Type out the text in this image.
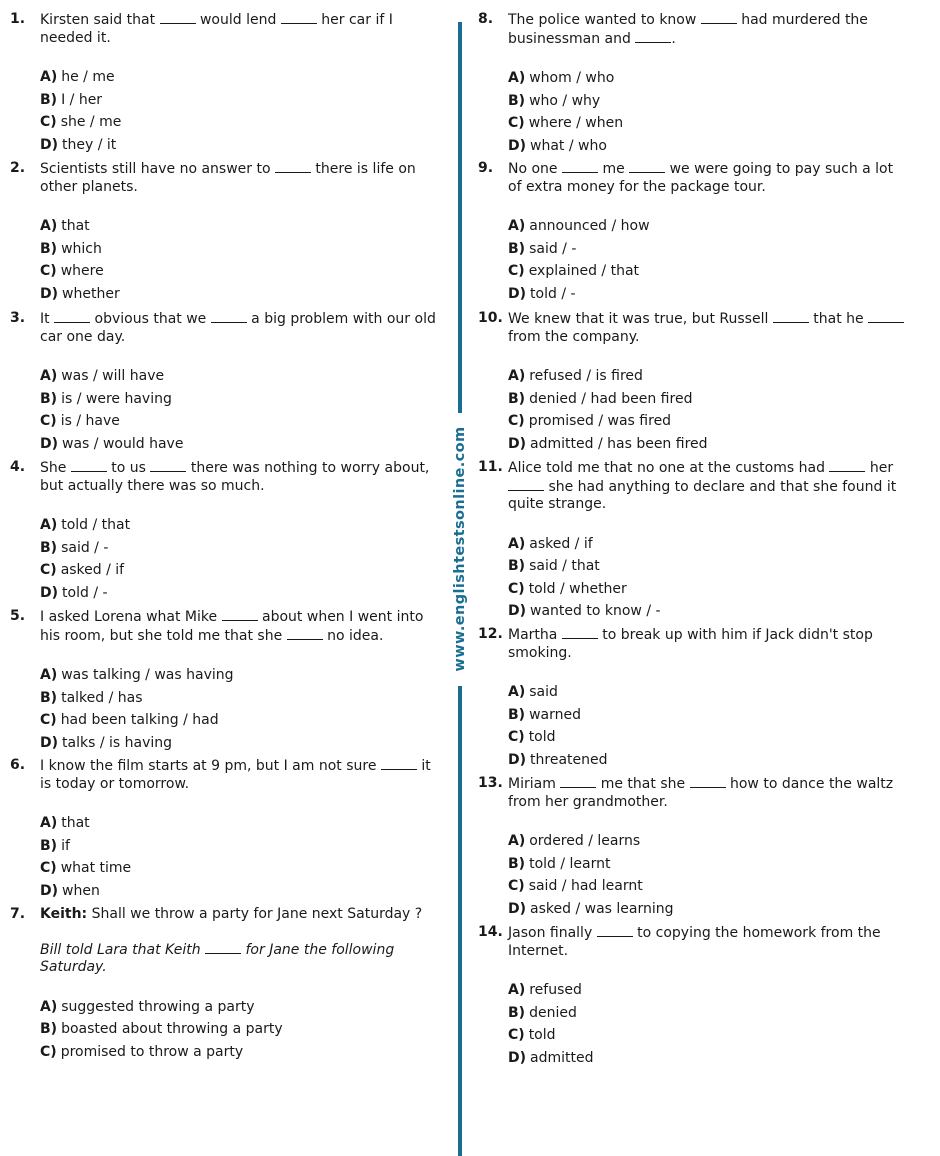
1. Kirsten said that	would lend	her car if I needed it.

A) he / me
B) I / her
C) she / me
D) they / it
2. Scientists still have no answer to	there is life on other planets.

A) that
B) which
C) where
D) whether
3. It	obvious that we	a big problem with our old car one day.

A) was / will have
B) is / were having
C) is / have
D) was / would have
4. She	to us	there was nothing to worry about, but actually there was so much.

A) told / that
B) said / -
C) asked / if
D) told / -
5. I asked Lorena what Mike	about when I went into his room, but she told me that she	no idea.

A) was talking / was having
B) talked / has
C) had been talking / had
D) talks / is having
6. I know the film starts at 9 pm, but I am not sure	it is today or tomorrow.

A) that
B) if
C) what time
D) when
7. Keith: Shall we throw a party for Jane next Saturday ?

Bill told Lara that Keith	for Jane the following Saturday.

A) suggested throwing a party
B) boasted about throwing a party
C) promised to throw a party
www.englishtestsonline.com
8. The police wanted to know	had murdered the businessman and	.

A) whom / who
B) who / why
C) where / when
D) what / who
9. No one	me	we were going to pay such a lot of extra money for the package tour.

A) announced / how
B) said / -
C) explained / that
D) told / -
10. We knew that it was true, but Russell	that he  from the company.

A) refused / is fired
B) denied / had been fired
C) promised / was fired
D) admitted / has been fired
11. Alice told me that no one at the customs had	her  she had anything to declare and that she found it quite strange.

A) asked / if
B) said / that
C) told / whether
D) wanted to know / -
12. Martha	to break up with him if Jack didn't stop smoking.

A) said
B) warned
C) told
D) threatened
13. Miriam	me that she	how to dance the waltz from her grandmother.

A) ordered / learns
B) told / learnt
C) said / had learnt
D) asked / was learning
14. Jason finally	to copying the homework from the Internet.

A) refused
B) denied
C) told
D) admitted
